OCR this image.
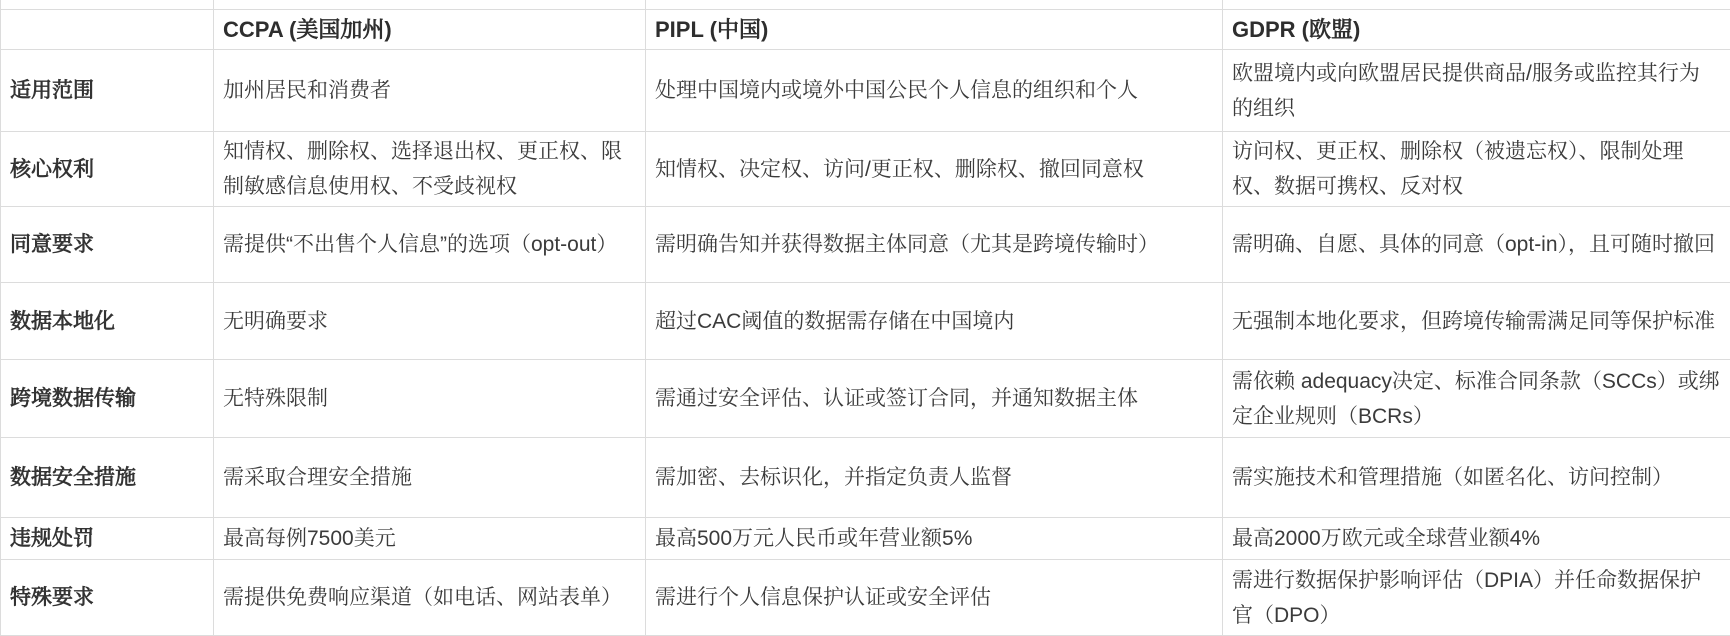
	CCPA (美国加州)	PIPL (中国)	GDPR (欧盟)
适用范围	加州居民和消费者	处理中国境内或境外中国公民个人信息的组织和个人	欧盟境内或向欧盟居民提供商品/服务或监控其行为的组织
核心权利	知情权、删除权、选择退出权、更正权、限制敏感信息使用权、不受歧视权	知情权、决定权、访问/更正权、删除权、撤回同意权	访问权、更正权、删除权（被遗忘权）、限制处理权、数据可携权、反对权
同意要求	需提供“不出售个人信息”的选项（opt-out）	需明确告知并获得数据主体同意（尤其是跨境传输时）	需明确、自愿、具体的同意（opt-in），且可随时撤回
数据本地化	无明确要求	超过CAC阈值的数据需存储在中国境内	无强制本地化要求，但跨境传输需满足同等保护标准
跨境数据传输	无特殊限制	需通过安全评估、认证或签订合同，并通知数据主体	需依赖 adequacy决定、标准合同条款（SCCs）或绑定企业规则（BCRs）
数据安全措施	需采取合理安全措施	需加密、去标识化，并指定负责人监督	需实施技术和管理措施（如匿名化、访问控制）
违规处罚	最高每例7500美元	最高500万元人民币或年营业额5%	最高2000万欧元或全球营业额4%
特殊要求	需提供免费响应渠道（如电话、网站表单）	需进行个人信息保护认证或安全评估	需进行数据保护影响评估（DPIA）并任命数据保护官（DPO）
